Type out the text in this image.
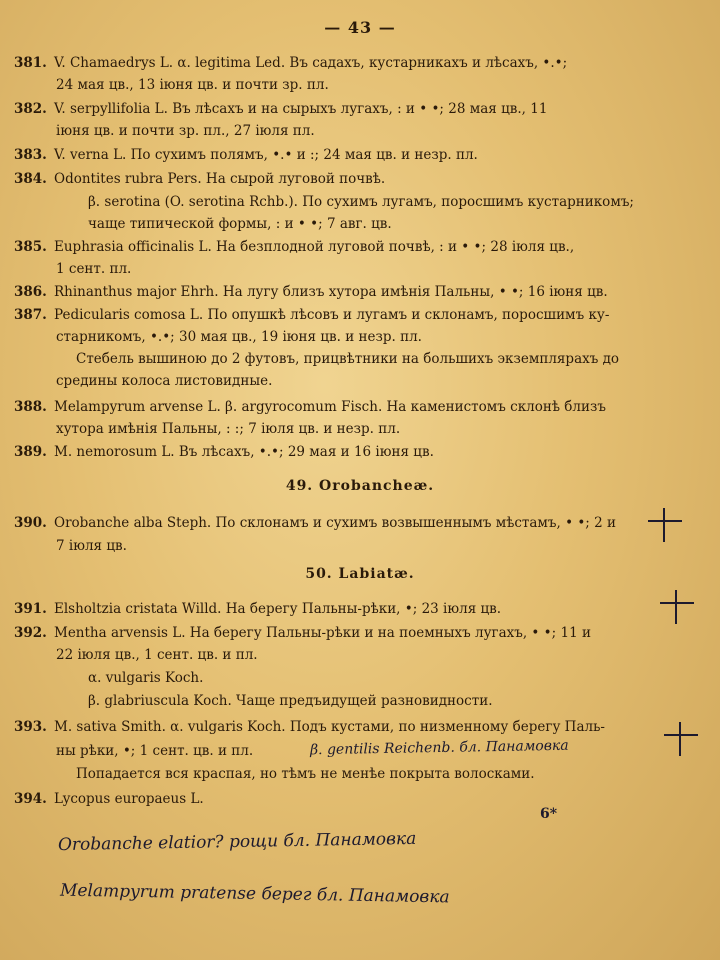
— 43 —
381. V. Chamaedrys L. α. legitima Led. Въ садахъ, кустарникахъ и лѣсахъ, •.•;
24 мая цв., 13 іюня цв. и почти зр. пл.
382. V. serpyllifolia L. Въ лѣсахъ и на сырыхъ лугахъ, : и • •; 28 мая цв., 11
іюня цв. и почти зр. пл., 27 іюля пл.
383. V. verna L. По сухимъ полямъ, •.• и :; 24 мая цв. и незр. пл.
384. Odontites rubra Pers. На сырой луговой почвѣ.
β. serotina (O. serotina Rchb.). По сухимъ лугамъ, поросшимъ кустарникомъ;
чаще типической формы, : и • •; 7 авг. цв.
385. Euphrasia officinalis L. На безплодной луговой почвѣ, : и • •; 28 іюля цв.,
1 сент. пл.
386. Rhinanthus major Ehrh. На лугу близъ хутора имѣнія Пальны, • •; 16 іюня цв.
387. Pedicularis comosa L. По опушкѣ лѣсовъ и лугамъ и склонамъ, поросшимъ ку-
старникомъ, •.•; 30 мая цв., 19 іюня цв. и незр. пл.
Стебель вышиною до 2 футовъ, прицвѣтники на большихъ экземплярахъ до
средины колоса листовидные.
388. Melampyrum arvense L. β. argyrocomum Fisch. На каменистомъ склонѣ близъ
хутора имѣнія Пальны, : :; 7 іюля цв. и незр. пл.
389. M. nemorosum L. Въ лѣсахъ, •.•; 29 мая и 16 іюня цв.
49. Orobancheæ.
390. Orobanche alba Steph. По склонамъ и сухимъ возвышеннымъ мѣстамъ, • •; 2 и
7 іюля цв.
50. Labiatæ.
391. Elsholtzia cristata Willd. На берегу Пальны-рѣки, •; 23 іюля цв.
392. Mentha arvensis L. На берегу Пальны-рѣки и на поемныхъ лугахъ, • •; 11 и
22 іюля цв., 1 сент. цв. и пл.
α. vulgaris Koch.
β. glabriuscula Koch. Чаще предъидущей разновидности.
393. M. sativa Smith. α. vulgaris Koch. Подъ кустами, по низменному берегу Паль-
ны рѣки, •; 1 сент. цв. и пл.
Попадается вся краспая, но тѣмъ не менѣе покрыта волосками.
394. Lycopus europaeus L.
6*
β. gentilis Reichenb. бл. Панамовка
Orobanche elatior? рощи бл. Панамовка
Melampyrum pratense берег бл. Панамовка
